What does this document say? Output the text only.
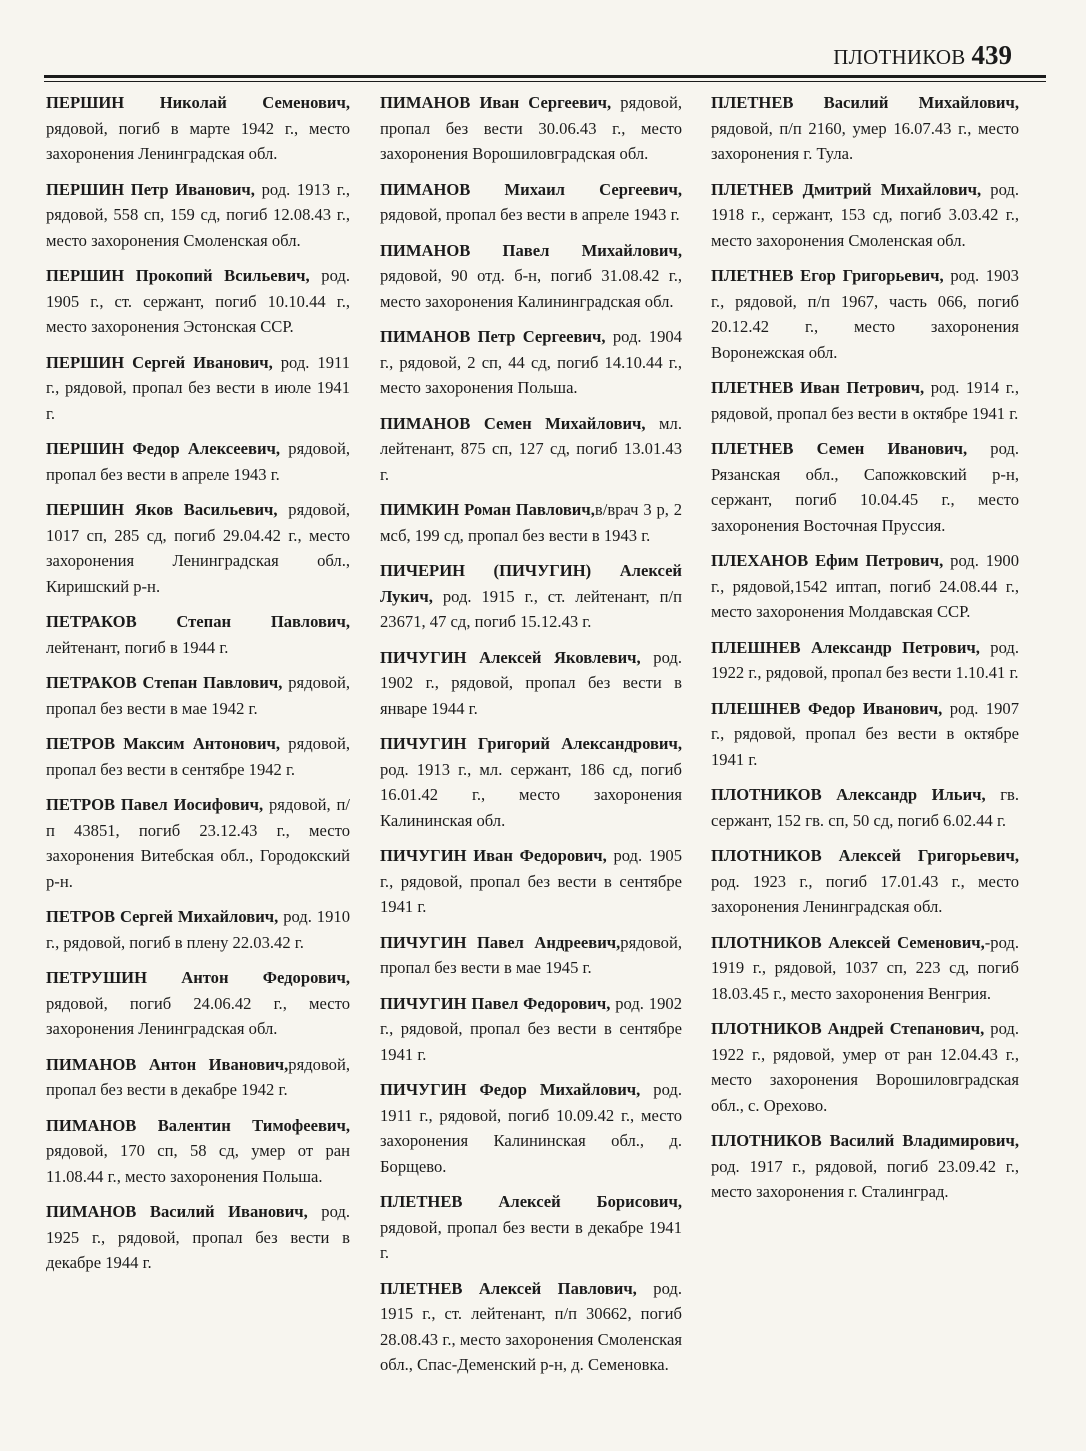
ПЛОТНИКОВ 439

ПЕРШИН Николай Семенович, рядовой, погиб в марте 1942 г., место захоронения Ленинградская обл.

ПЕРШИН Петр Иванович, род. 1913 г., рядовой, 558 сп, 159 сд, погиб 12.08.43 г., место захоронения Смоленская обл.

ПЕРШИН Прокопий Всильевич, род. 1905 г., ст. сержант, погиб 10.10.44 г., место захоронения Эстонская ССР.

ПЕРШИН Сергей Иванович, род. 1911 г., рядовой, пропал без вести в июле 1941 г.

ПЕРШИН Федор Алексеевич, рядовой, пропал без вести в апреле 1943 г.

ПЕРШИН Яков Васильевич, рядовой, 1017 сп, 285 сд, погиб 29.04.42 г., место захоронения Ленинградская обл., Киришский р-н.

ПЕТРАКОВ Степан Павлович, лейтенант, погиб в 1944 г.

ПЕТРАКОВ Степан Павлович, рядовой, пропал без вести в мае 1942 г.

ПЕТРОВ Максим Антонович, рядовой, пропал без вести в сентябре 1942 г.

ПЕТРОВ Павел Иосифович, рядовой, п/п 43851, погиб 23.12.43 г., место захоронения Витебская обл., Городокский р-н.

ПЕТРОВ Сергей Михайлович, род. 1910 г., рядовой, погиб в плену 22.03.42 г.

ПЕТРУШИН Антон Федорович, рядовой, погиб 24.06.42 г., место захоронения Ленинградская обл.

ПИМАНОВ Антон Иванович,рядовой, пропал без вести в декабре 1942 г.

ПИМАНОВ Валентин Тимофеевич, рядовой, 170 сп, 58 сд, умер от ран 11.08.44 г., место захоронения Польша.

ПИМАНОВ Василий Иванович, род. 1925 г., рядовой, пропал без вести в декабре 1944 г.

ПИМАНОВ Иван Сергеевич, рядовой, пропал без вести 30.06.43 г., место захоронения Ворошиловградская обл.

ПИМАНОВ Михаил Сергеевич, рядовой, пропал без вести в апреле 1943 г.

ПИМАНОВ Павел Михайлович, рядовой, 90 отд. б-н, погиб 31.08.42 г., место захоронения Калининградская обл.

ПИМАНОВ Петр Сергеевич, род. 1904 г., рядовой, 2 сп, 44 сд, погиб 14.10.44 г., место захоронения Польша.

ПИМАНОВ Семен Михайлович, мл. лейтенант, 875 сп, 127 сд, погиб 13.01.43 г.

ПИМКИН Роман Павлович,в/врач 3 р, 2 мсб, 199 сд, пропал без вести в 1943 г.

ПИЧЕРИН (ПИЧУГИН) Алексей Лукич, род. 1915 г., ст. лейтенант, п/п 23671, 47 сд, погиб 15.12.43 г.

ПИЧУГИН Алексей Яковлевич, род. 1902 г., рядовой, пропал без вести в январе 1944 г.

ПИЧУГИН Григорий Александрович, род. 1913 г., мл. сержант, 186 сд, погиб 16.01.42 г., место захоронения Калининская обл.

ПИЧУГИН Иван Федорович, род. 1905 г., рядовой, пропал без вести в сентябре 1941 г.

ПИЧУГИН Павел Андреевич,рядовой, пропал без вести в мае 1945 г.

ПИЧУГИН Павел Федорович, род. 1902 г., рядовой, пропал без вести в сентябре 1941 г.

ПИЧУГИН Федор Михайлович, род. 1911 г., рядовой, погиб 10.09.42 г., место захоронения Калининская обл., д. Борщево.

ПЛЕТНЕВ Алексей Борисович, рядовой, пропал без вести в декабре 1941 г.

ПЛЕТНЕВ Алексей Павлович, род. 1915 г., ст. лейтенант, п/п 30662, погиб 28.08.43 г., место захоронения Смоленская обл., Спас-Деменский р-н, д. Семеновка.

ПЛЕТНЕВ Василий Михайлович, рядовой, п/п 2160, умер 16.07.43 г., место захоронения г. Тула.

ПЛЕТНЕВ Дмитрий Михайлович, род. 1918 г., сержант, 153 сд, погиб 3.03.42 г., место захоронения Смоленская обл.

ПЛЕТНЕВ Егор Григорьевич, род. 1903 г., рядовой, п/п 1967, часть 066, погиб 20.12.42 г., место захоронения Воронежская обл.

ПЛЕТНЕВ Иван Петрович, род. 1914 г., рядовой, пропал без вести в октябре 1941 г.

ПЛЕТНЕВ Семен Иванович, род. Рязанская обл., Сапожковский р-н, сержант, погиб 10.04.45 г., место захоронения Восточная Пруссия.

ПЛЕХАНОВ Ефим Петрович, род. 1900 г., рядовой,1542 иптап, погиб 24.08.44 г., место захоронения Молдавская ССР.

ПЛЕШНЕВ Александр Петрович, род. 1922 г., рядовой, пропал без вести 1.10.41 г.

ПЛЕШНЕВ Федор Иванович, род. 1907 г., рядовой, пропал без вести в октябре 1941 г.

ПЛОТНИКОВ Александр Ильич, гв. сержант, 152 гв. сп, 50 сд, погиб 6.02.44 г.

ПЛОТНИКОВ Алексей Григорьевич, род. 1923 г., погиб 17.01.43 г., место захоронения Ленинградская обл.

ПЛОТНИКОВ Алексей Семенович,-род. 1919 г., рядовой, 1037 сп, 223 сд, погиб 18.03.45 г., место захоронения Венгрия.

ПЛОТНИКОВ Андрей Степанович, род. 1922 г., рядовой, умер от ран 12.04.43 г., место захоронения Ворошиловградская обл., с. Орехово.

ПЛОТНИКОВ Василий Владимирович, род. 1917 г., рядовой, погиб 23.09.42 г., место захоронения г. Сталинград.
